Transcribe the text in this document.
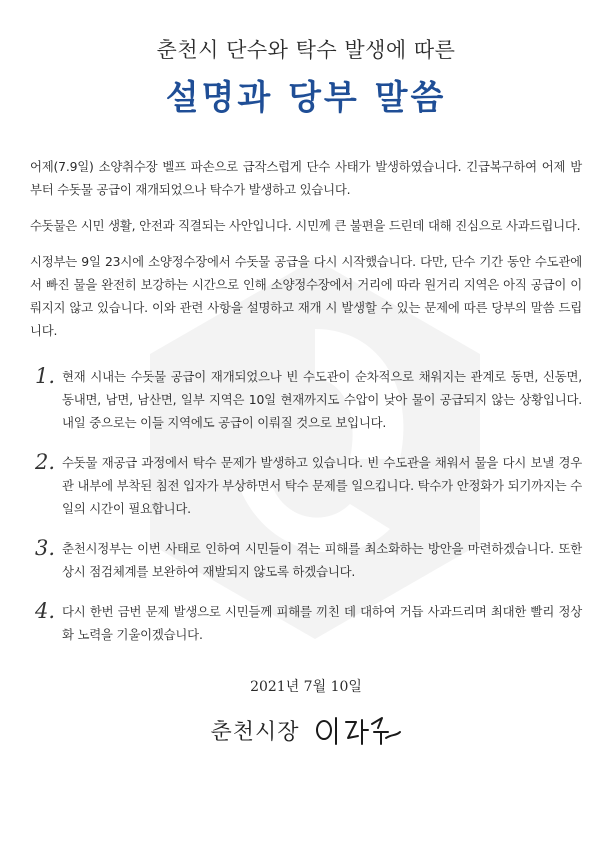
춘천시 단수와 탁수 발생에 따른
설명과 당부 말씀

어제(7.9일) 소양취수장 벨프 파손으로 급작스럽게 단수 사태가 발생하였습니다. 긴급복구하여 어제 밤부터 수돗물 공급이 재개되었으나 탁수가 발생하고 있습니다.

수돗물은 시민 생활, 안전과 직결되는 사안입니다. 시민께 큰 불편을 드린데 대해 진심으로 사과드립니다.

시정부는 9일 23시에 소양정수장에서 수돗물 공급을 다시 시작했습니다. 다만, 단수 기간 동안 수도관에서 빠진 물을 완전히 보강하는 시간으로 인해 소양정수장에서 거리에 따라 원거리 지역은 아직 공급이 이뤄지지 않고 있습니다. 이와 관련 사항을 설명하고 재개 시 발생할 수 있는 문제에 따른 당부의 말씀 드립니다.

1. 현재 시내는 수돗물 공급이 재개되었으나 빈 수도관이 순차적으로 채워지는 관계로 동면, 신동면, 동내면, 남면, 남산면, 일부 지역은 10일 현재까지도 수압이 낮아 물이 공급되지 않는 상황입니다. 내일 중으로는 이들 지역에도 공급이 이뤄질 것으로 보입니다.
2. 수돗물 재공급 과정에서 탁수 문제가 발생하고 있습니다. 빈 수도관을 채워서 물을 다시 보낼 경우 관 내부에 부착된 침전 입자가 부상하면서 탁수 문제를 일으킵니다. 탁수가 안정화가 되기까지는 수일의 시간이 필요합니다.
3. 춘천시정부는 이번 사태로 인하여 시민들이 겪는 피해를 최소화하는 방안을 마련하겠습니다. 또한 상시 점검체계를 보완하여 재발되지 않도록 하겠습니다.
4. 다시 한번 금번 문제 발생으로 시민들께 피해를 끼친 데 대하여 거듭 사과드리며 최대한 빨리 정상화 노력을 기울이겠습니다.
2021년 7월 10일
춘천시장
